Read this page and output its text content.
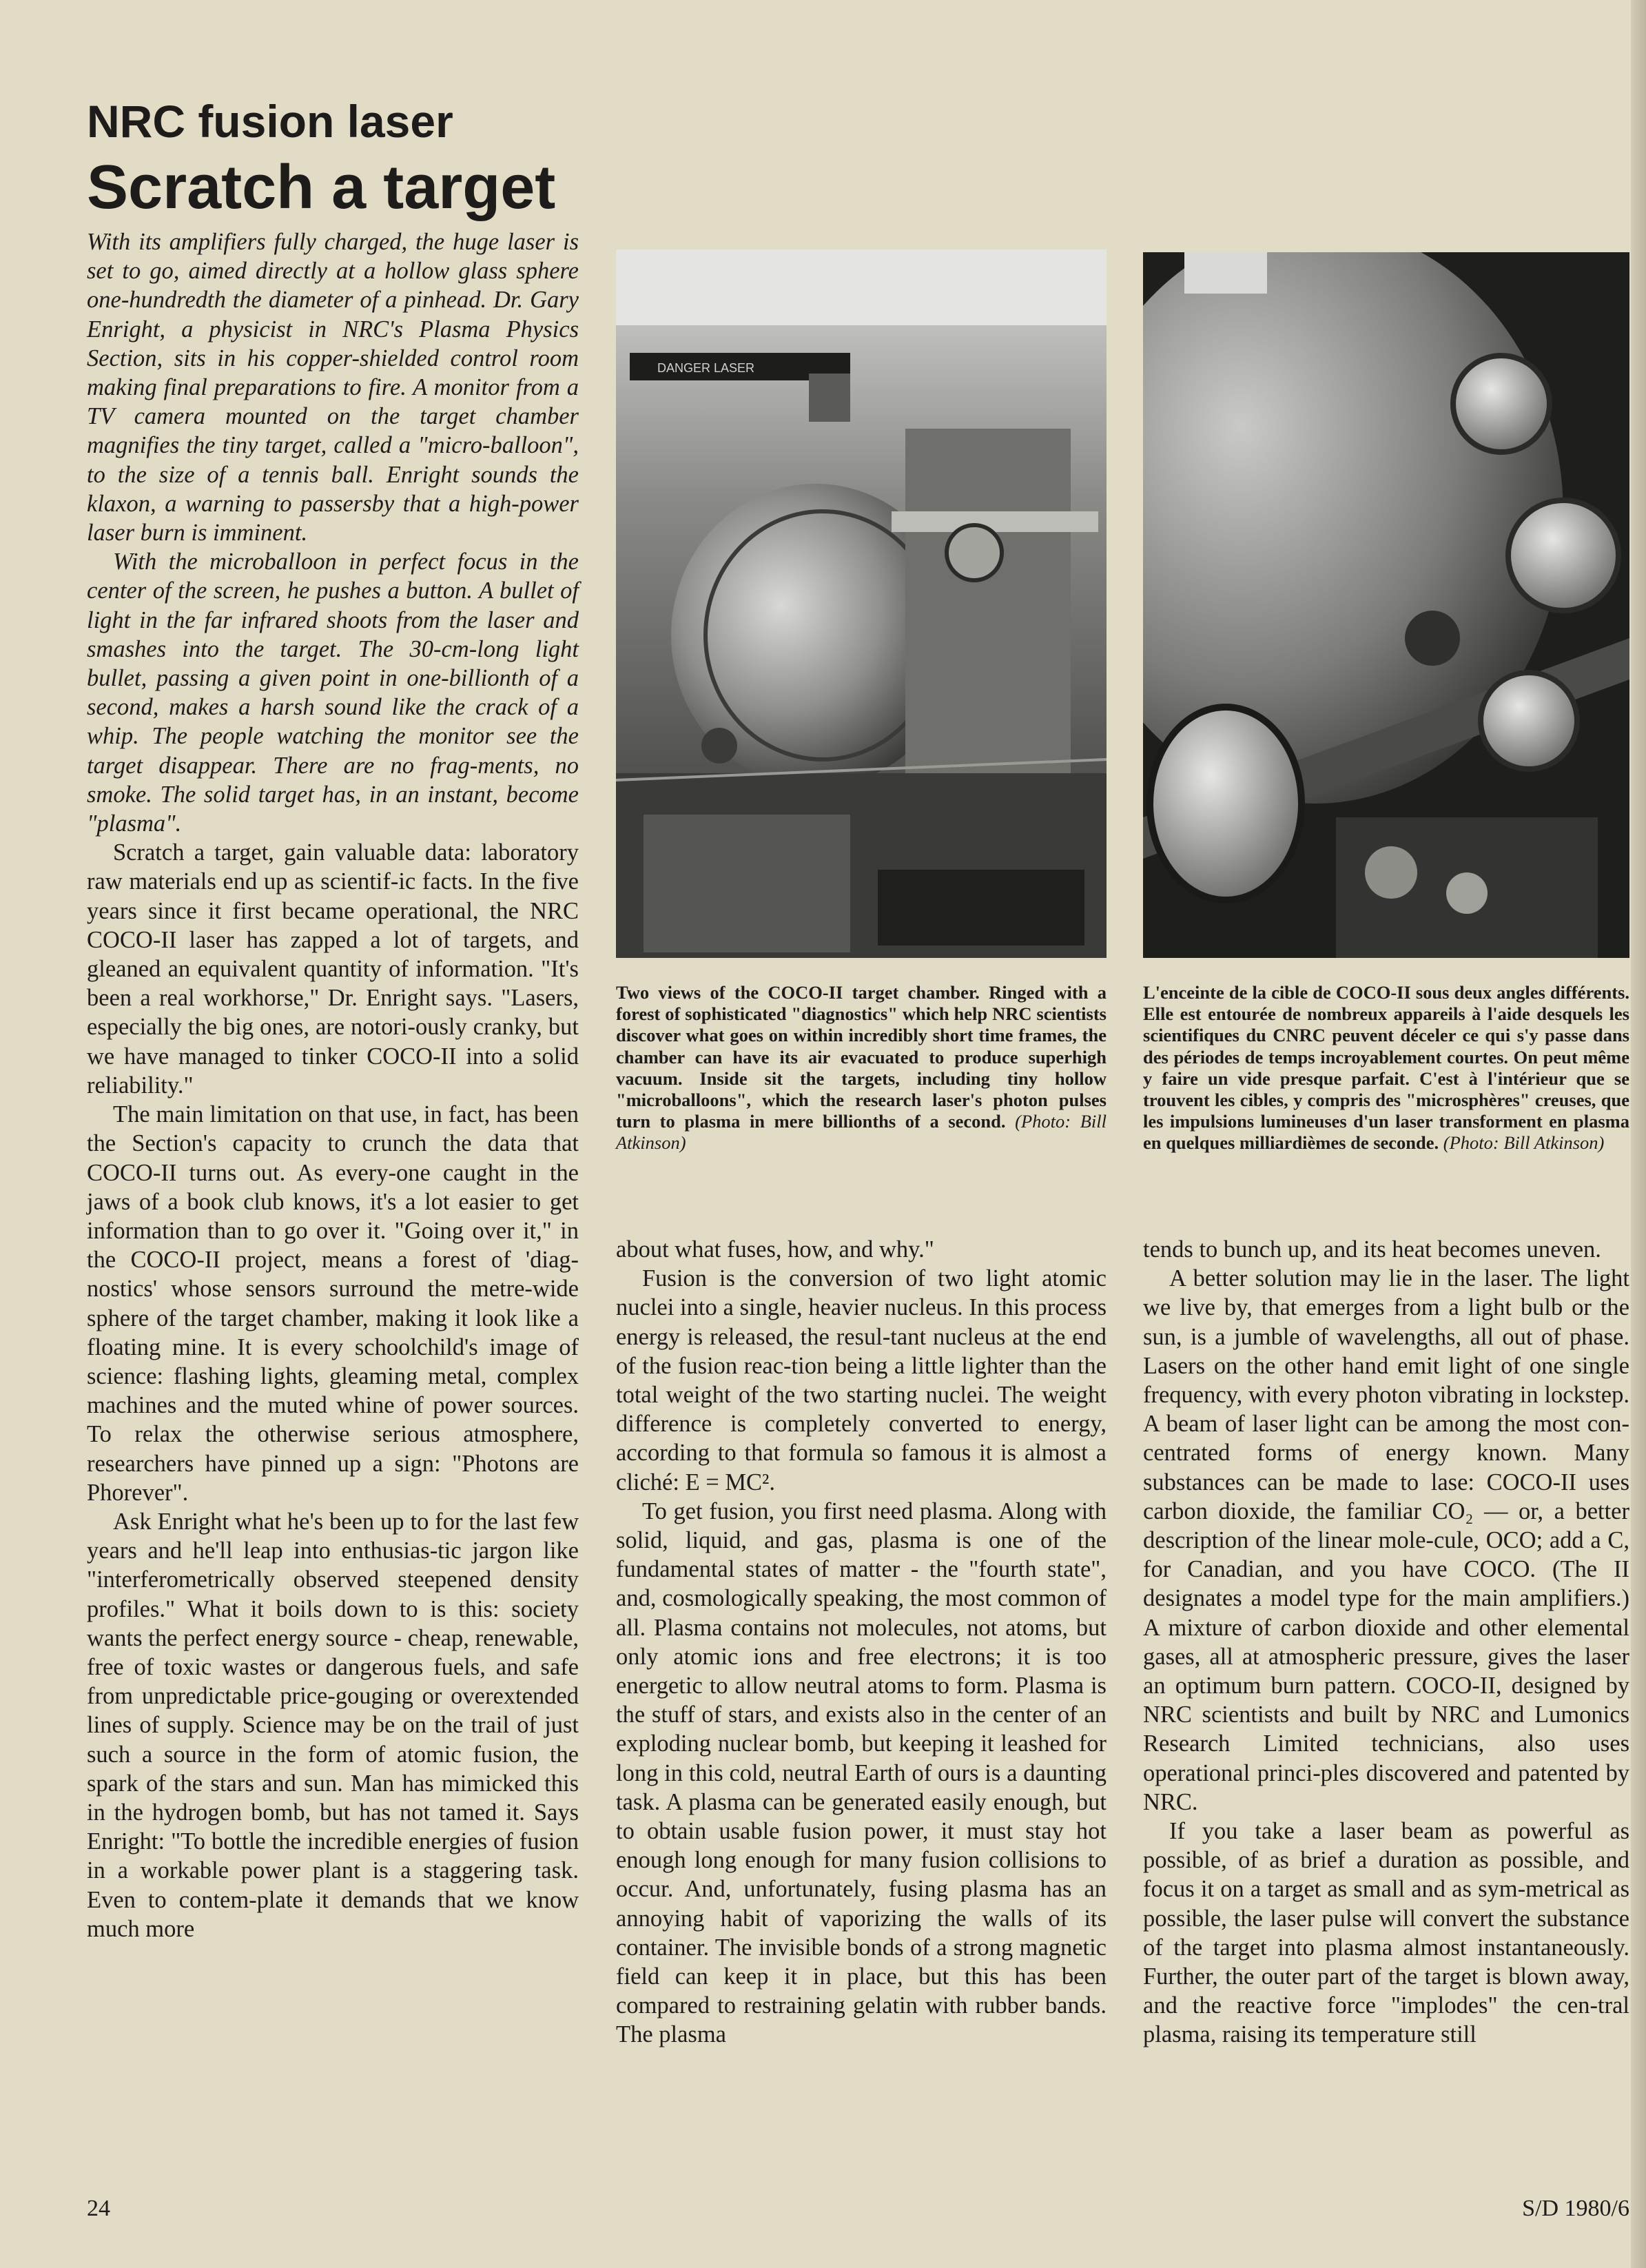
NRC fusion laser
Scratch a target

With its amplifiers fully charged, the huge laser is set to go, aimed directly at a hollow glass sphere one-hundredth the diameter of a pinhead. Dr. Gary Enright, a physicist in NRC's Plasma Physics Section, sits in his copper-shielded control room making final preparations to fire. A monitor from a TV camera mounted on the target chamber magnifies the tiny target, called a "micro-balloon", to the size of a tennis ball. Enright sounds the klaxon, a warning to passersby that a high-power laser burn is imminent.

With the microballoon in perfect focus in the center of the screen, he pushes a button. A bullet of light in the far infrared shoots from the laser and smashes into the target. The 30-cm-long light bullet, passing a given point in one-billionth of a second, makes a harsh sound like the crack of a whip. The people watching the monitor see the target disappear. There are no frag-ments, no smoke. The solid target has, in an instant, become "plasma".

Scratch a target, gain valuable data: laboratory raw materials end up as scientif-ic facts. In the five years since it first became operational, the NRC COCO-II laser has zapped a lot of targets, and gleaned an equivalent quantity of information. "It's been a real workhorse," Dr. Enright says. "Lasers, especially the big ones, are notori-ously cranky, but we have managed to tinker COCO-II into a solid reliability."

The main limitation on that use, in fact, has been the Section's capacity to crunch the data that COCO-II turns out. As every-one caught in the jaws of a book club knows, it's a lot easier to get information than to go over it. "Going over it," in the COCO-II project, means a forest of 'diag-nostics' whose sensors surround the metre-wide sphere of the target chamber, making it look like a floating mine. It is every schoolchild's image of science: flashing lights, gleaming metal, complex machines and the muted whine of power sources. To relax the otherwise serious atmosphere, researchers have pinned up a sign: "Photons are Phorever".

Ask Enright what he's been up to for the last few years and he'll leap into enthusias-tic jargon like "interferometrically observed steepened density profiles." What it boils down to is this: society wants the perfect energy source - cheap, renewable, free of toxic wastes or dangerous fuels, and safe from unpredictable price-gouging or overextended lines of supply. Science may be on the trail of just such a source in the form of atomic fusion, the spark of the stars and sun. Man has mimicked this in the hydrogen bomb, but has not tamed it. Says Enright: "To bottle the incredible energies of fusion in a workable power plant is a staggering task. Even to contem-plate it demands that we know much more

DANGER LASER
Two views of the COCO-II target chamber. Ringed with a forest of sophisticated "diagnostics" which help NRC scientists discover what goes on within incredibly short time frames, the chamber can have its air evacuated to produce superhigh vacuum. Inside sit the targets, including tiny hollow "microballoons", which the research laser's photon pulses turn to plasma in mere billionths of a second. (Photo: Bill Atkinson)
L'enceinte de la cible de COCO-II sous deux angles différents. Elle est entourée de nombreux appareils à l'aide desquels les scientifiques du CNRC peuvent déceler ce qui s'y passe dans des périodes de temps incroyablement courtes. On peut même y faire un vide presque parfait. C'est à l'intérieur que se trouvent les cibles, y compris des "microsphères" creuses, que les impulsions lumineuses d'un laser transforment en plasma en quelques milliardièmes de seconde. (Photo: Bill Atkinson)

about what fuses, how, and why."

Fusion is the conversion of two light atomic nuclei into a single, heavier nucleus. In this process energy is released, the resul-tant nucleus at the end of the fusion reac-tion being a little lighter than the total weight of the two starting nuclei. The weight difference is completely converted to energy, according to that formula so famous it is almost a cliché: E = MC².

To get fusion, you first need plasma. Along with solid, liquid, and gas, plasma is one of the fundamental states of matter - the "fourth state", and, cosmologically speaking, the most common of all. Plasma contains not molecules, not atoms, but only atomic ions and free electrons; it is too energetic to allow neutral atoms to form. Plasma is the stuff of stars, and exists also in the center of an exploding nuclear bomb, but keeping it leashed for long in this cold, neutral Earth of ours is a daunting task. A plasma can be generated easily enough, but to obtain usable fusion power, it must stay hot enough long enough for many fusion collisions to occur. And, unfortunately, fusing plasma has an annoying habit of vaporizing the walls of its container. The invisible bonds of a strong magnetic field can keep it in place, but this has been compared to restraining gelatin with rubber bands. The plasma

tends to bunch up, and its heat becomes uneven.

A better solution may lie in the laser. The light we live by, that emerges from a light bulb or the sun, is a jumble of wavelengths, all out of phase. Lasers on the other hand emit light of one single frequency, with every photon vibrating in lockstep. A beam of laser light can be among the most con-centrated forms of energy known. Many substances can be made to lase: COCO-II uses carbon dioxide, the familiar CO₂ — or, a better description of the linear mole-cule, OCO; add a C, for Canadian, and you have COCO. (The II designates a model type for the main amplifiers.) A mixture of carbon dioxide and other elemental gases, all at atmospheric pressure, gives the laser an optimum burn pattern. COCO-II, designed by NRC scientists and built by NRC and Lumonics Research Limited technicians, also uses operational princi-ples discovered and patented by NRC.

If you take a laser beam as powerful as possible, of as brief a duration as possible, and focus it on a target as small and as sym-metrical as possible, the laser pulse will convert the substance of the target into plasma almost instantaneously. Further, the outer part of the target is blown away, and the reactive force "implodes" the cen-tral plasma, raising its temperature still

24	S/D 1980/6
